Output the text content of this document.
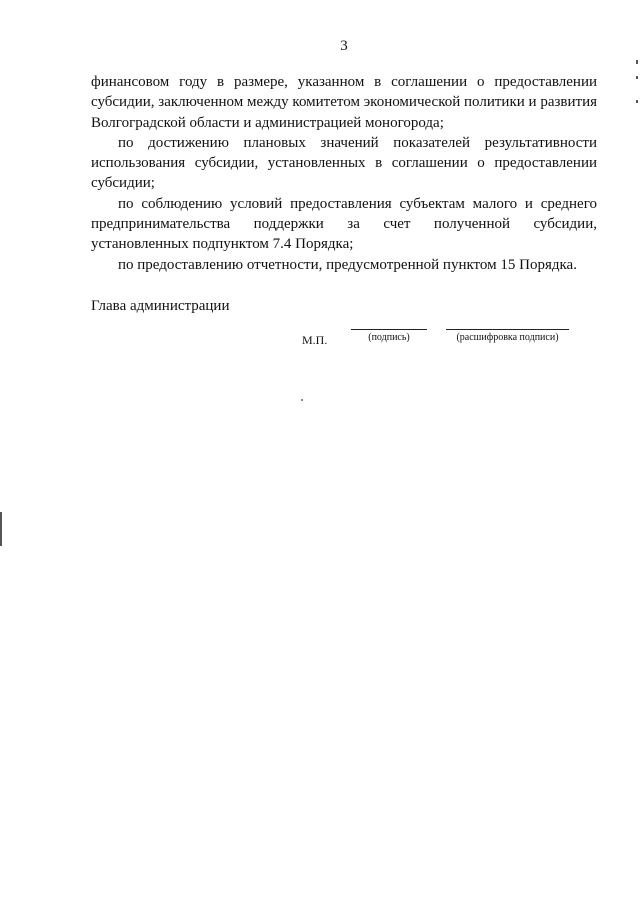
3

финансовом году в размере, указанном в соглашении о предоставлении субсидии, заключенном между комитетом экономической политики и развития Волгоградской области и администрацией моногорода;

по достижению плановых значений показателей результативности использования субсидии, установленных в соглашении о предоставлении субсидии;

по соблюдению условий предоставления субъектам малого и среднего предпринимательства поддержки за счет полученной субсидии, установленных подпунктом 7.4 Порядка;

по предоставлению отчетности, предусмотренной пунктом 15 Порядка.

Глава администрации
М.П.	(подпись)	(расшифровка подписи)
